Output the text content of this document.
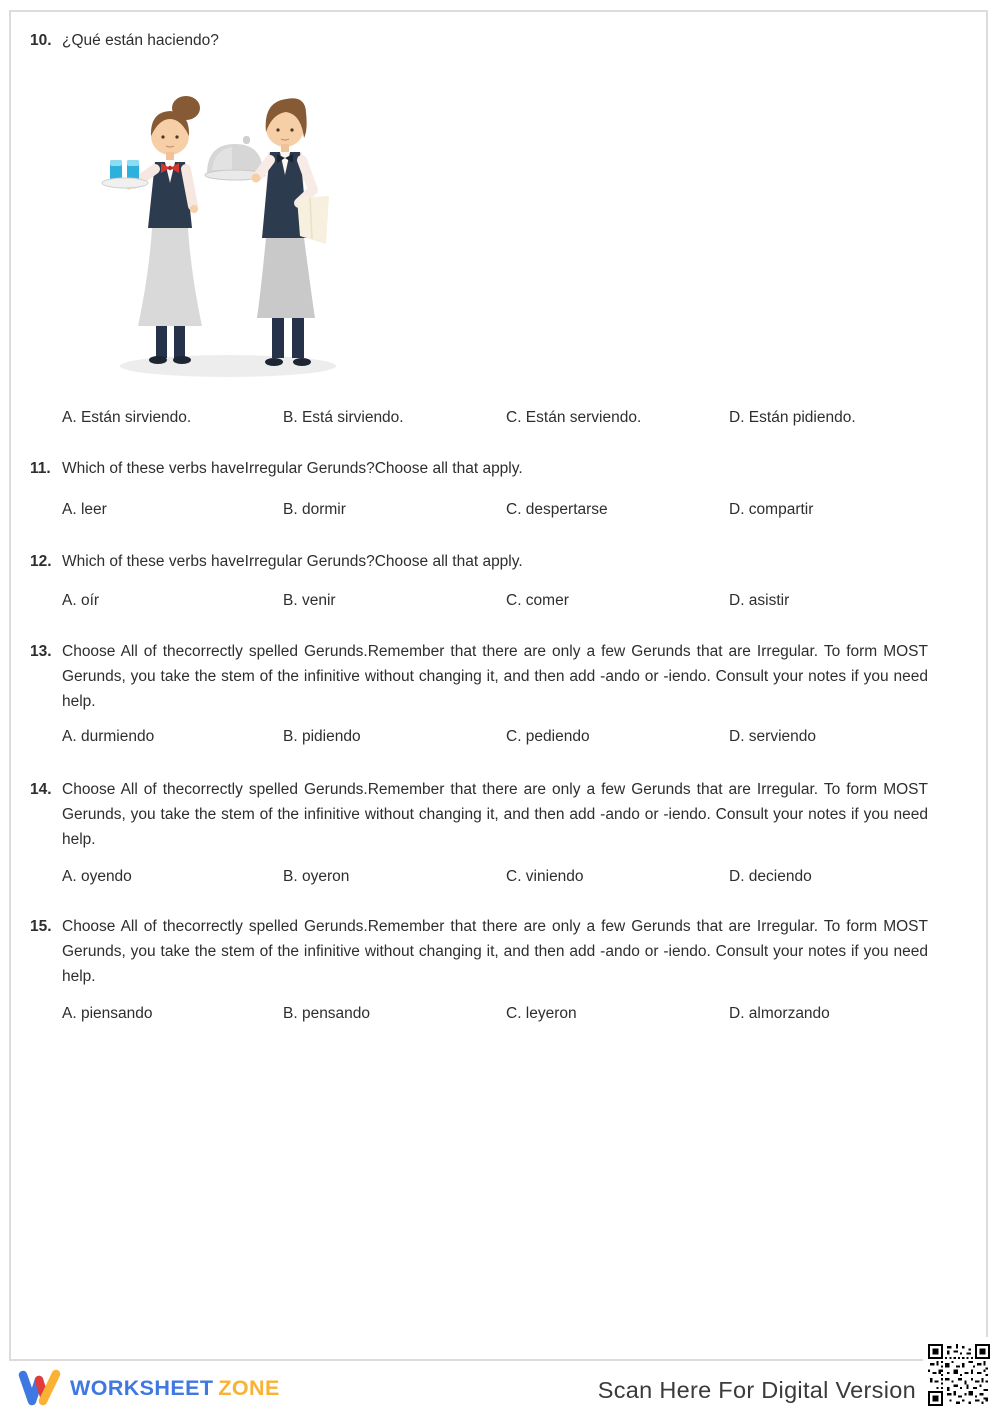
10. ¿Qué están haciendo?
A. Están sirviendo.	B. Está sirviendo.	C. Están serviendo.	D. Están pidiendo.
11. Which of these verbs haveIrregular Gerunds?Choose all that apply.
A. leer	B. dormir	C. despertarse	D. compartir
12. Which of these verbs haveIrregular Gerunds?Choose all that apply.
A. oír	B. venir	C. comer	D. asistir
13. Choose All of thecorrectly spelled Gerunds.Remember that there are only a few Gerunds that are Irregular. To form MOST Gerunds, you take the stem of the infinitive without changing it, and then add -ando or -iendo. Consult your notes if you need help.
A. durmiendo	B. pidiendo	C. pediendo	D. serviendo
14. Choose All of thecorrectly spelled Gerunds.Remember that there are only a few Gerunds that are Irregular. To form MOST Gerunds, you take the stem of the infinitive without changing it, and then add -ando or -iendo. Consult your notes if you need help.
A. oyendo	B. oyeron	C. viniendo	D. deciendo
15. Choose All of thecorrectly spelled Gerunds.Remember that there are only a few Gerunds that are Irregular. To form MOST Gerunds, you take the stem of the infinitive without changing it, and then add -ando or -iendo. Consult your notes if you need help.
A. piensando	B. pensando	C. leyeron	D. almorzando
WORKSHEET ZONE	Scan Here For Digital Version
